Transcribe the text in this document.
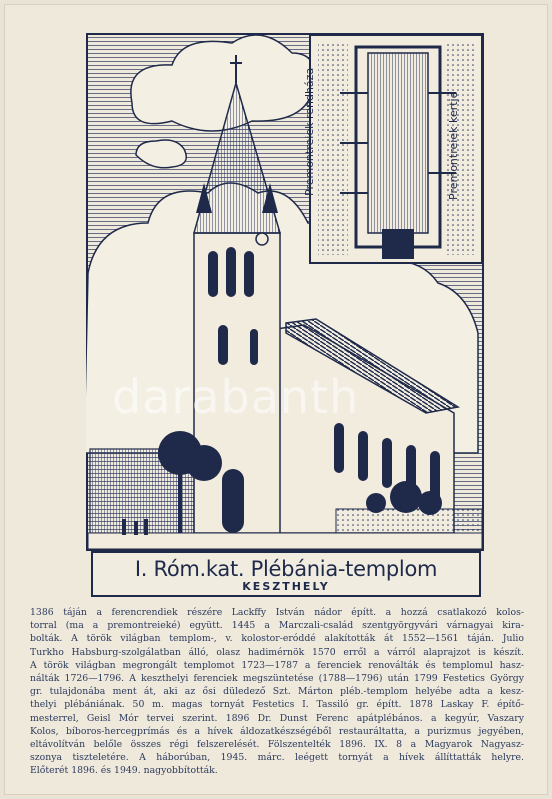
Premontreiek rendháza	Premontreiek kertje
darabanth
I. Róm.kat. Plébánia-templom
KESZTHELY
1386 táján a ferencrendiek részére Lackffy István nádor építt. a hozzá csatlakozó kolos-
torral (ma a premontreieké) együtt. 1445 a Marczali-család szentgyörgyvári várnagyai kira-
bolták. A török világban templom-, v. kolostor-eróddé alakították át 1552—1561 táján. Julio
Turkho Habsburg-szolgálatban álló, olasz hadimérnök 1570 erről a várról alaprajzot is készít.
A török világban megrongált templomot 1723—1787 a ferenciek renoválták és templomul hasz-
nálták 1726—1796. A keszthelyi ferenciek megszüntetése (1788—1796) után 1799 Festetics György
gr. tulajdonába ment át, aki az ősi düledező Szt. Márton pléb.-templom helyébe adta a kesz-
thelyi plébániának. 50 m. magas tornyát Festetics I. Tassiló gr. építt. 1878 Laskay F. építő-
mesterrel, Geisl Mór tervei szerint. 1896 Dr. Dunst Ferenc apátplébános. a kegyúr, Vaszary
Kolos, bíboros-hercegprímás és a hívek áldozatkészségéből restauráltatta, a purizmus jegyében,
eltávolítván belőle összes régi felszerelését. Fölszentelték 1896. IX. 8 a Magyarok Nagyasz-
szonya tiszteletére. A háborúban, 1945. márc. leégett tornyát a hívek állíttatták helyre.
Előterét 1896. és 1949. nagyobbították.
